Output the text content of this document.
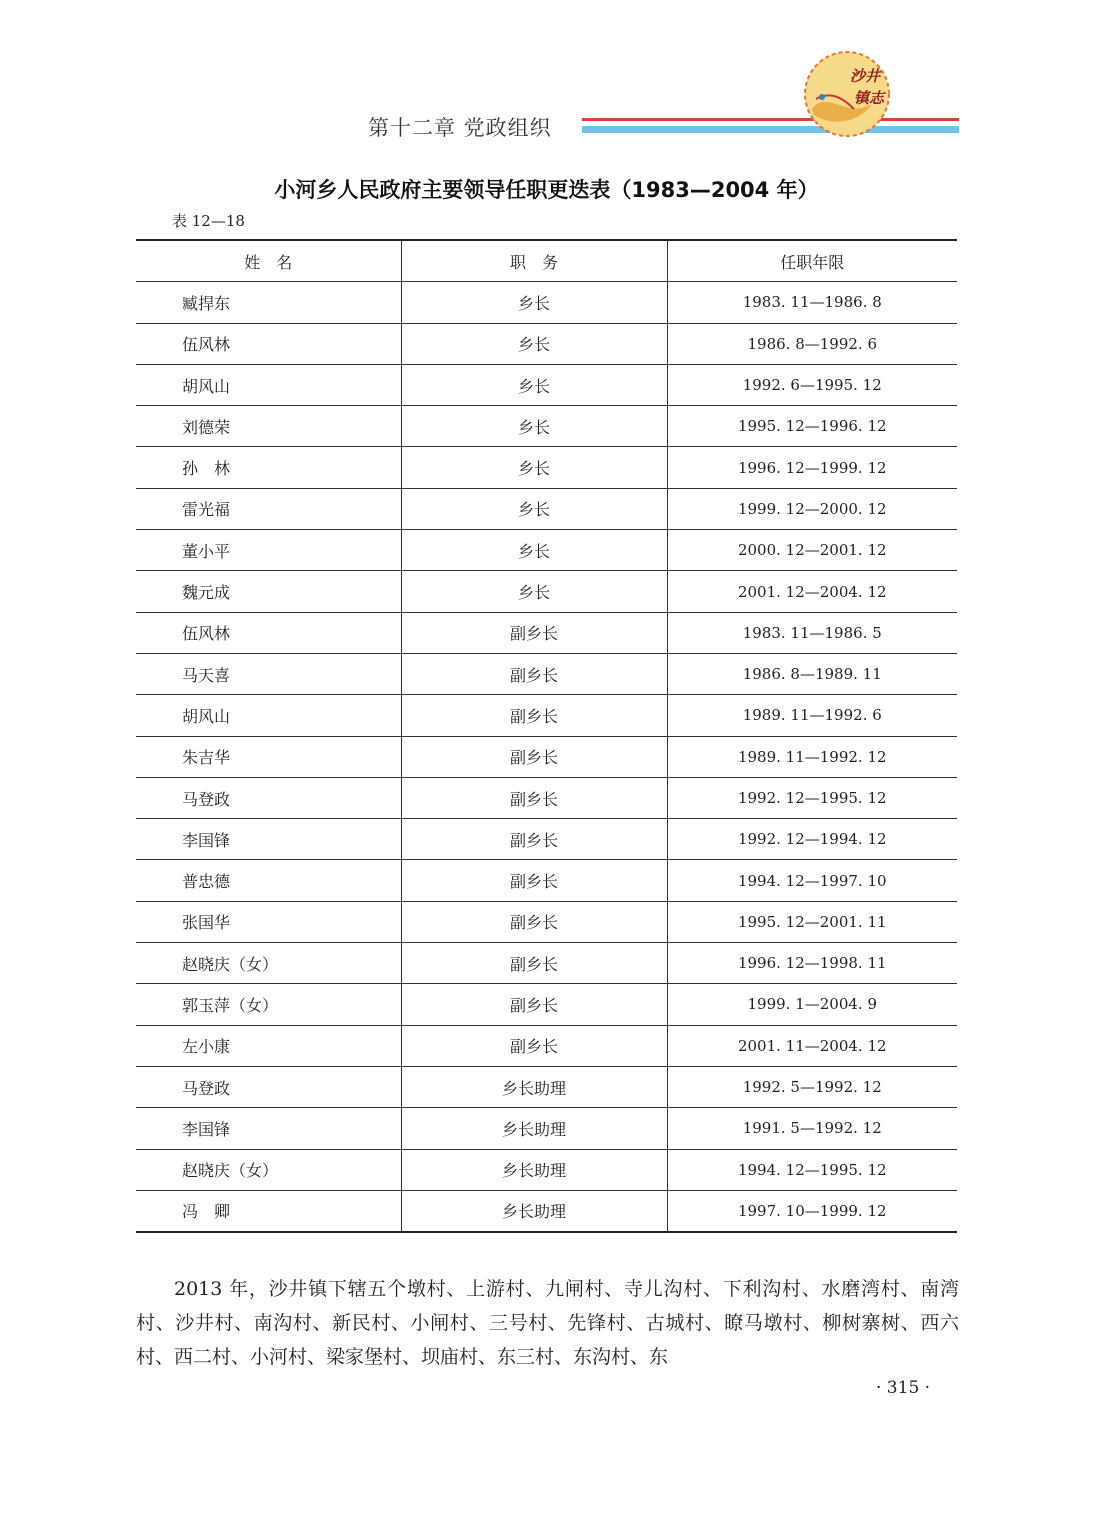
第十二章 党政组织
沙井
镇志
小河乡人民政府主要领导任职更迭表（1983—2004 年）
表 12—18
姓　名	职　务	任职年限
臧捍东	乡长	1983. 11—1986. 8
伍风林	乡长	1986. 8—1992. 6
胡风山	乡长	1992. 6—1995. 12
刘德荣	乡长	1995. 12—1996. 12
孙　林	乡长	1996. 12—1999. 12
雷光福	乡长	1999. 12—2000. 12
董小平	乡长	2000. 12—2001. 12
魏元成	乡长	2001. 12—2004. 12
伍风林	副乡长	1983. 11—1986. 5
马天喜	副乡长	1986. 8—1989. 11
胡风山	副乡长	1989. 11—1992. 6
朱吉华	副乡长	1989. 11—1992. 12
马登政	副乡长	1992. 12—1995. 12
李国锋	副乡长	1992. 12—1994. 12
普忠德	副乡长	1994. 12—1997. 10
张国华	副乡长	1995. 12—2001. 11
赵晓庆（女）	副乡长	1996. 12—1998. 11
郭玉萍（女）	副乡长	1999. 1—2004. 9
左小康	副乡长	2001. 11—2004. 12
马登政	乡长助理	1992. 5—1992. 12
李国锋	乡长助理	1991. 5—1992. 12
赵晓庆（女）	乡长助理	1994. 12—1995. 12
冯　卿	乡长助理	1997. 10—1999. 12

2013 年，沙井镇下辖五个墩村、上游村、九闸村、寺儿沟村、下利沟村、水磨湾村、南湾村、沙井村、南沟村、新民村、小闸村、三号村、先锋村、古城村、瞭马墩村、柳树寨树、西六村、西二村、小河村、梁家堡村、坝庙村、东三村、东沟村、东

· 315 ·
